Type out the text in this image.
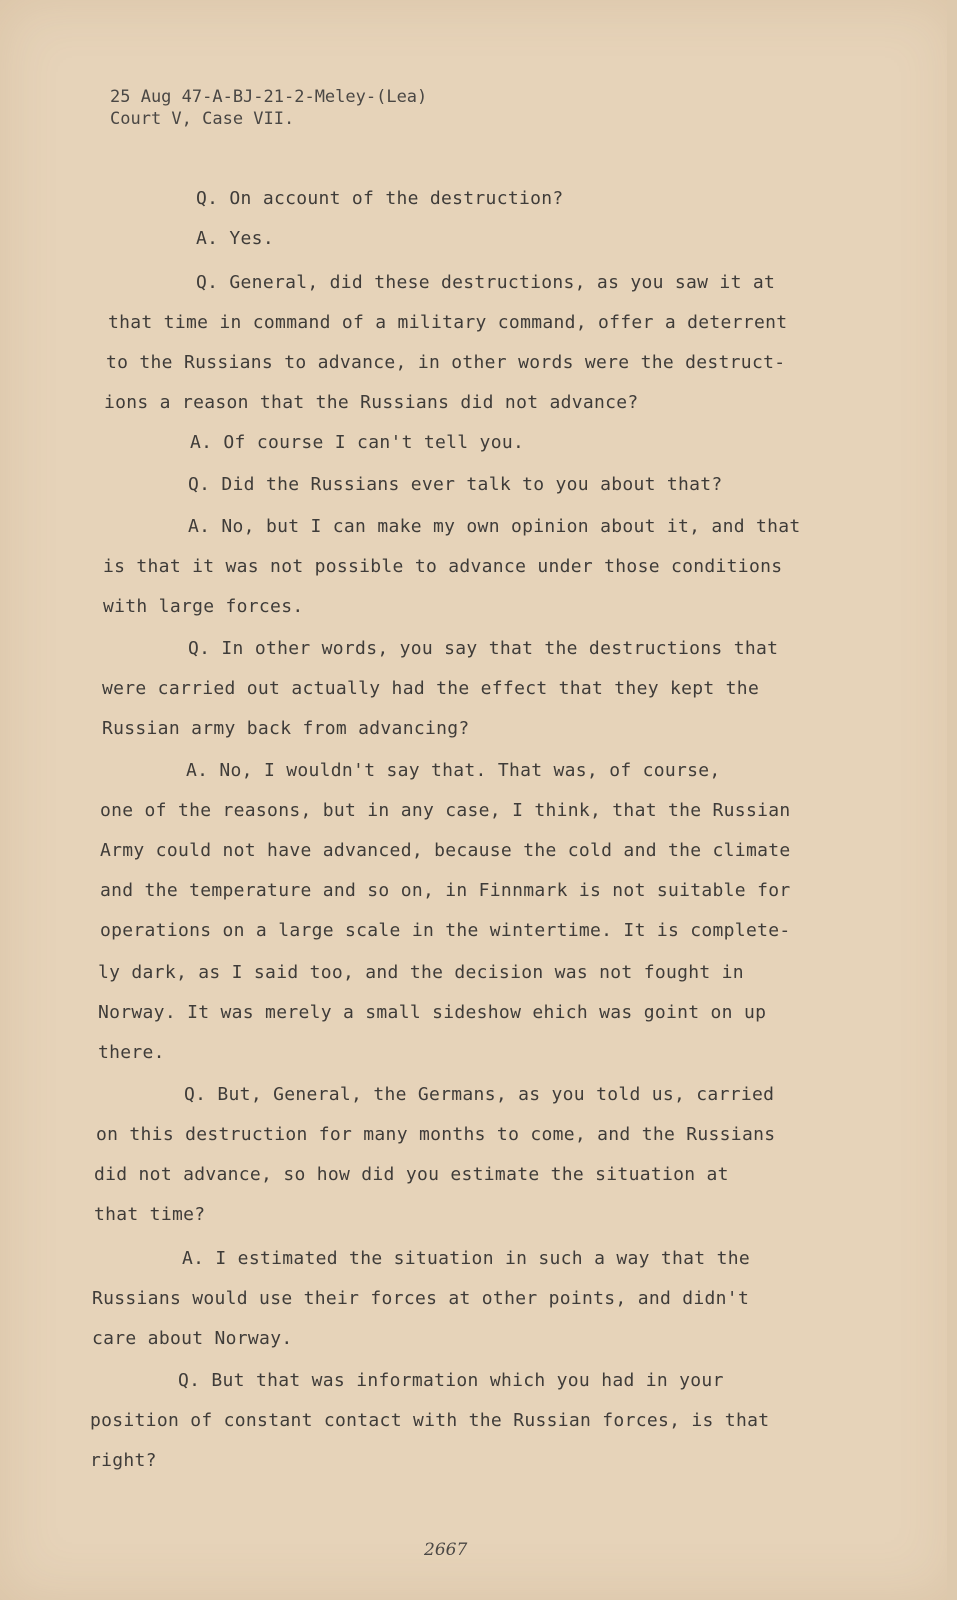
25 Aug 47-A-BJ-21-2-Meley-(Lea)
Court V, Case VII.
Q. On account of the destruction?
A. Yes.
Q. General, did these destructions, as you saw it at
that time in command of a military command, offer a deterrent
to the Russians to advance, in other words were the destruct-
ions a reason that the Russians did not advance?
A. Of course I can't tell you.
Q. Did the Russians ever talk to you about that?
A. No, but I can make my own opinion about it, and that
is that it was not possible to advance under those conditions
with large forces.
Q. In other words, you say that the destructions that
were carried out actually had the effect that they kept the
Russian army back from advancing?
A. No, I wouldn't say that. That was, of course,
one of the reasons, but in any case, I think, that the Russian
Army could not have advanced, because the cold and the climate
and the temperature and so on, in Finnmark is not suitable for
operations on a large scale in the wintertime. It is complete-
ly dark, as I said too, and the decision was not fought in
Norway. It was merely a small sideshow ehich was goint on up
there.
Q. But, General, the Germans, as you told us, carried
on this destruction for many months to come, and the Russians
did not advance, so how did you estimate the situation at
that time?
A. I estimated the situation in such a way that the
Russians would use their forces at other points, and didn't
care about Norway.
Q. But that was information which you had in your
position of constant contact with the Russian forces, is that
right?
2667
